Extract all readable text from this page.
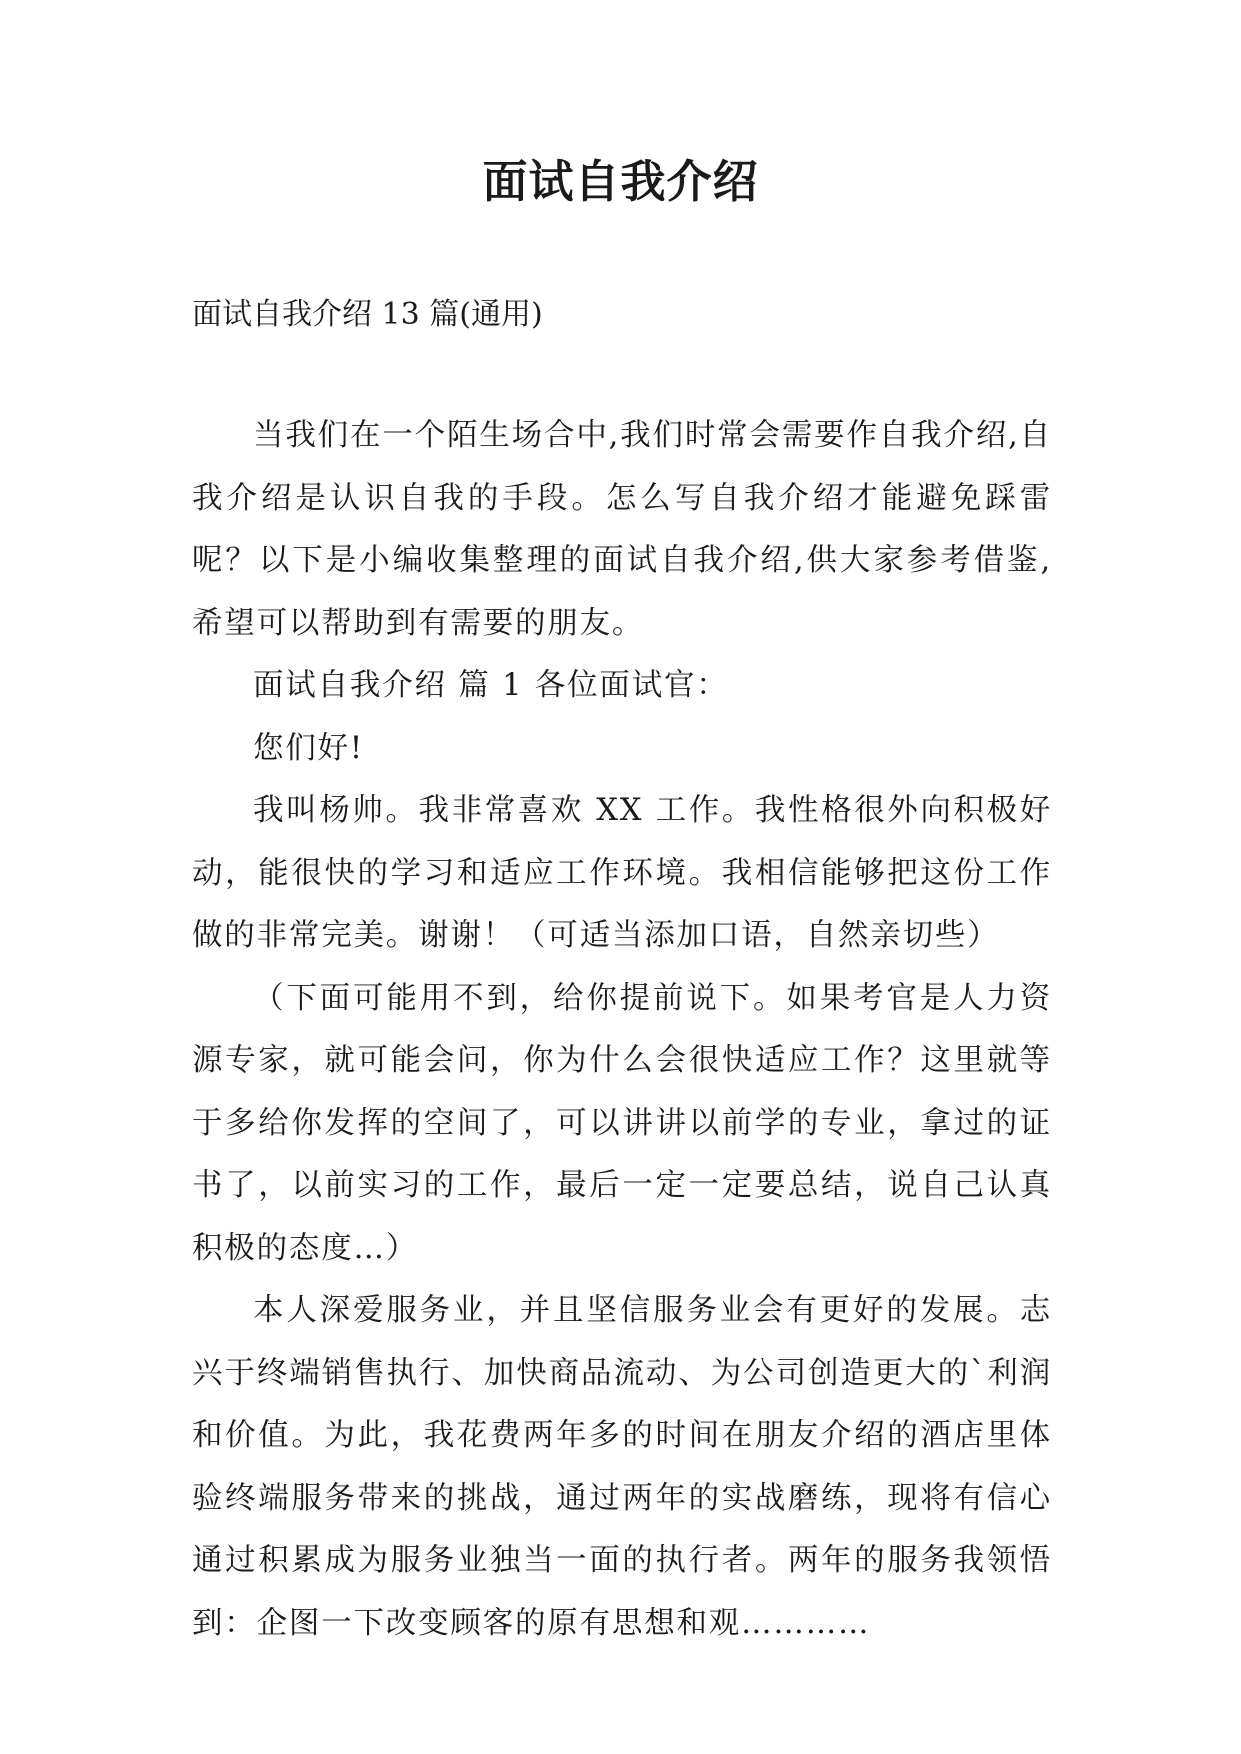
面试自我介绍
面试自我介绍 13 篇(通用)

当我们在一个陌生场合中,我们时常会需要作自我介绍,自我介绍是认识自我的手段。怎么写自我介绍才能避免踩雷呢？以下是小编收集整理的面试自我介绍,供大家参考借鉴,希望可以帮助到有需要的朋友。

面试自我介绍 篇 1 各位面试官：

您们好!

我叫杨帅。我非常喜欢 XX 工作。我性格很外向积极好动，能很快的学习和适应工作环境。我相信能够把这份工作做的非常完美。谢谢！（可适当添加口语，自然亲切些）

（下面可能用不到，给你提前说下。如果考官是人力资源专家，就可能会问，你为什么会很快适应工作？这里就等于多给你发挥的空间了，可以讲讲以前学的专业，拿过的证书了，以前实习的工作，最后一定一定要总结，说自己认真积极的态度…）

本人深爱服务业，并且坚信服务业会有更好的发展。志兴于终端销售执行、加快商品流动、为公司创造更大的`利润和价值。为此，我花费两年多的时间在朋友介绍的酒店里体验终端服务带来的挑战，通过两年的实战磨练，现将有信心通过积累成为服务业独当一面的执行者。两年的服务我领悟到：企图一下改变顾客的原有思想和观…………
